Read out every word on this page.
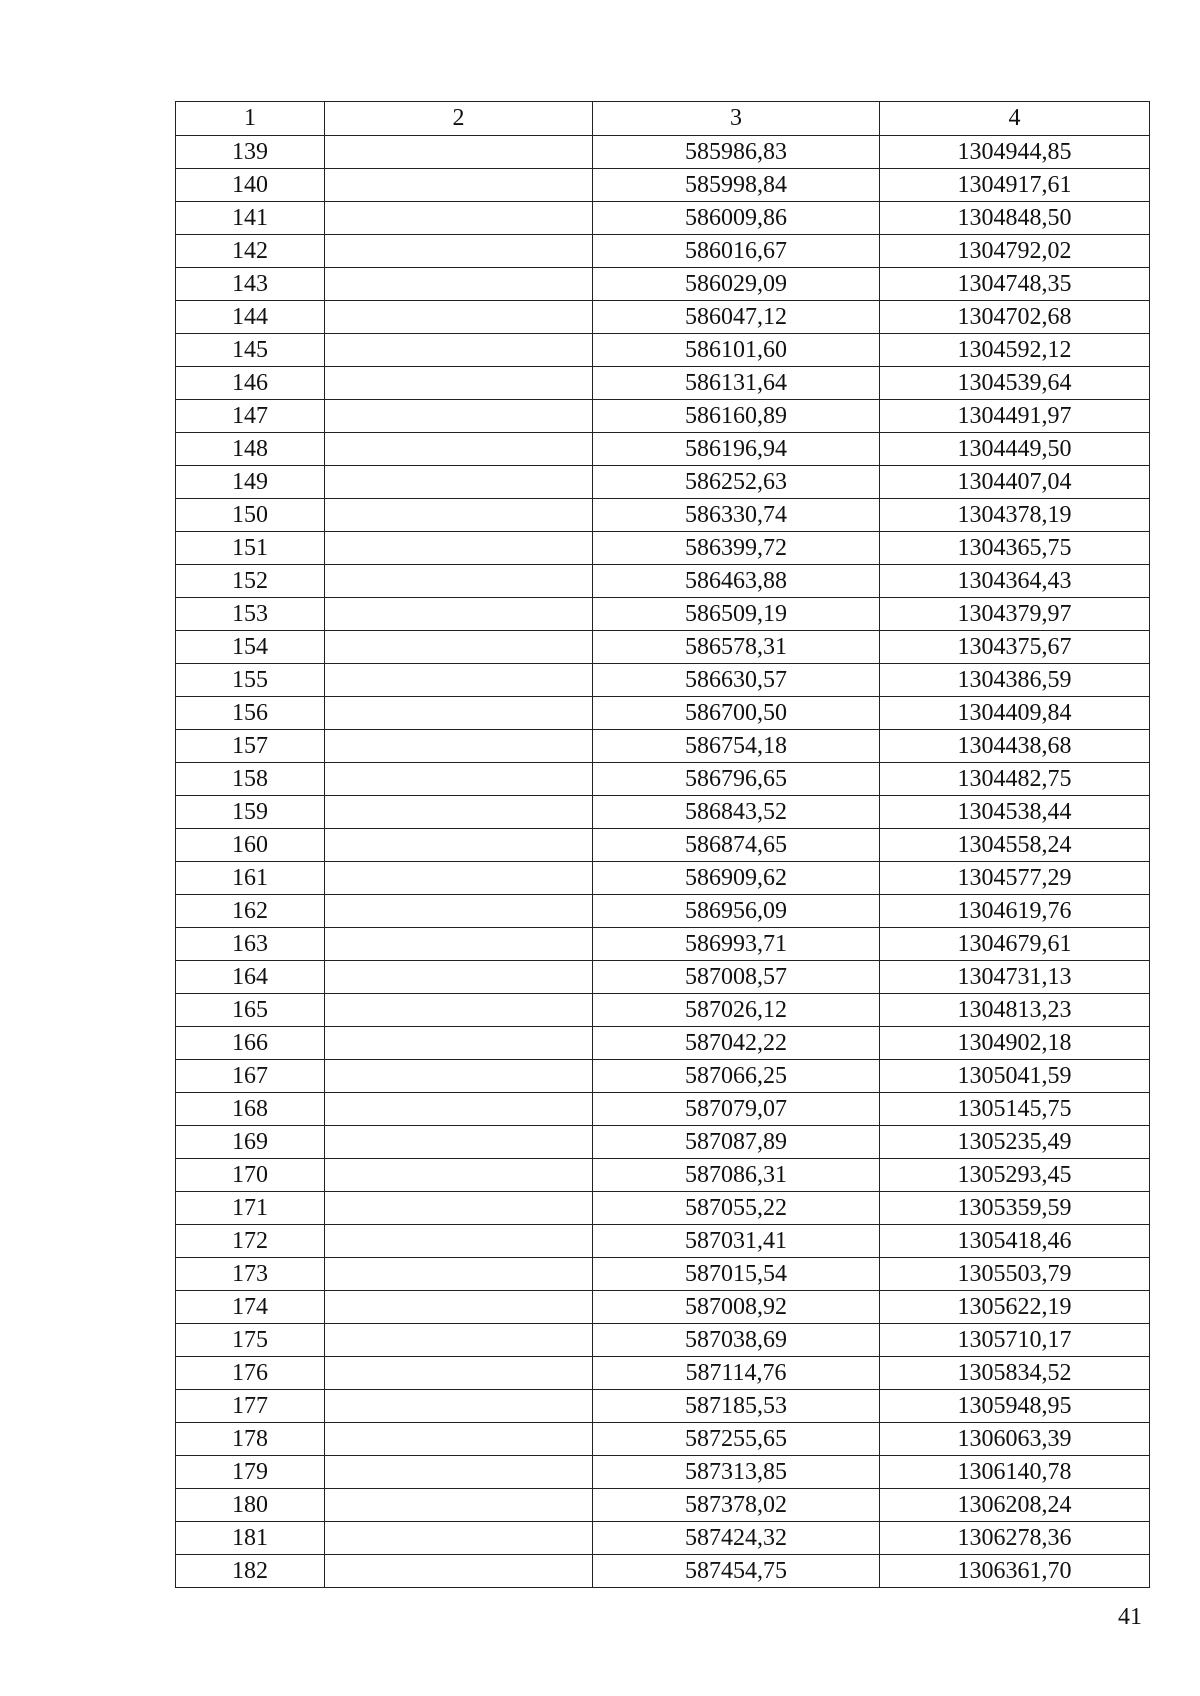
1	2	3	4
139		585986,83	1304944,85
140		585998,84	1304917,61
141		586009,86	1304848,50
142		586016,67	1304792,02
143		586029,09	1304748,35
144		586047,12	1304702,68
145		586101,60	1304592,12
146		586131,64	1304539,64
147		586160,89	1304491,97
148		586196,94	1304449,50
149		586252,63	1304407,04
150		586330,74	1304378,19
151		586399,72	1304365,75
152		586463,88	1304364,43
153		586509,19	1304379,97
154		586578,31	1304375,67
155		586630,57	1304386,59
156		586700,50	1304409,84
157		586754,18	1304438,68
158		586796,65	1304482,75
159		586843,52	1304538,44
160		586874,65	1304558,24
161		586909,62	1304577,29
162		586956,09	1304619,76
163		586993,71	1304679,61
164		587008,57	1304731,13
165		587026,12	1304813,23
166		587042,22	1304902,18
167		587066,25	1305041,59
168		587079,07	1305145,75
169		587087,89	1305235,49
170		587086,31	1305293,45
171		587055,22	1305359,59
172		587031,41	1305418,46
173		587015,54	1305503,79
174		587008,92	1305622,19
175		587038,69	1305710,17
176		587114,76	1305834,52
177		587185,53	1305948,95
178		587255,65	1306063,39
179		587313,85	1306140,78
180		587378,02	1306208,24
181		587424,32	1306278,36
182		587454,75	1306361,70
41
